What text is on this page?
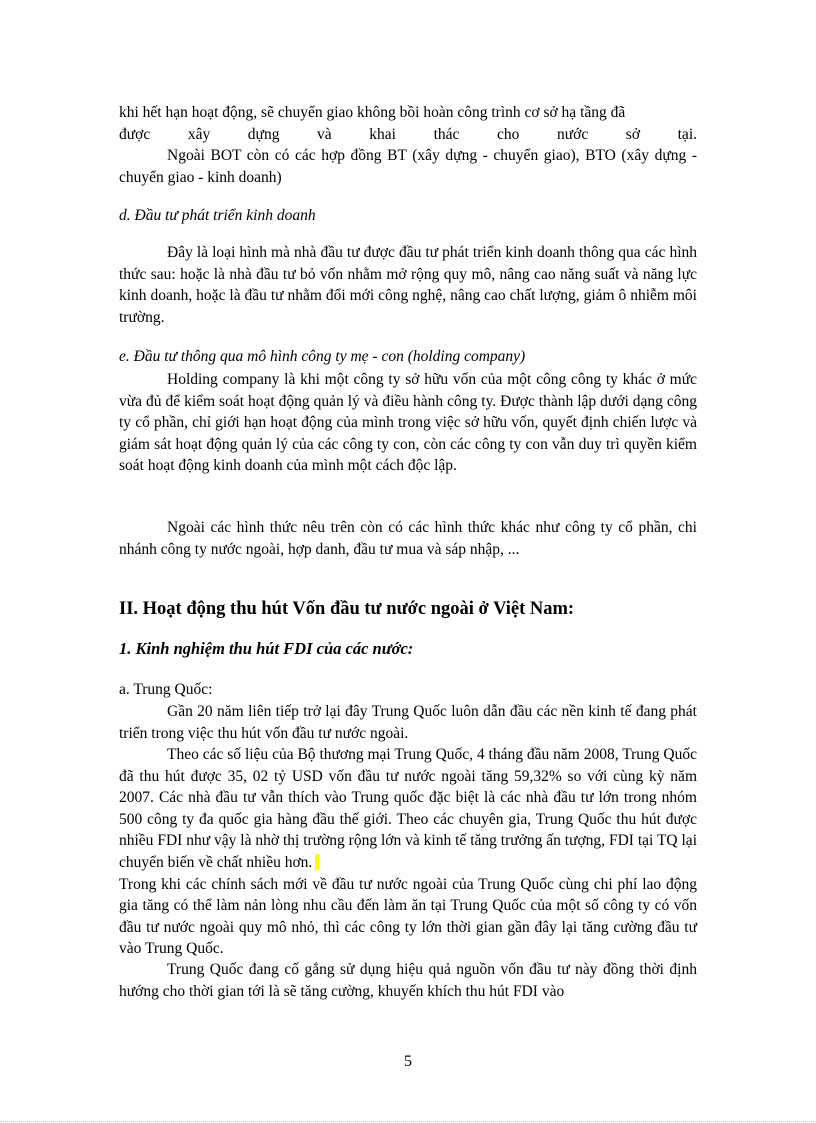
khi hết hạn hoạt động, sẽ chuyển giao không bồi hoàn công trình cơ sở hạ tầng đã

được xây dựng và khai thác cho nước sở tại.

Ngoài BOT còn có các hợp đồng BT (xây dựng - chuyển giao), BTO (xây dựng - chuyển giao - kinh doanh)

d. Đầu tư phát triển kinh doanh

Đây là loại hình mà nhà đầu tư được đầu tư phát triển kinh doanh thông qua các hình thức sau: hoặc là nhà đầu tư bỏ vốn nhằm mở rộng quy mô, nâng cao năng suất và năng lực kinh doanh, hoặc là đầu tư nhằm đổi mới công nghệ, nâng cao chất lượng, giảm ô nhiễm môi trường.

e. Đầu tư thông qua mô hình công ty mẹ - con (holding company)

Holding company là khi một công ty sở hữu vốn của một công công ty khác ở mức vừa đủ để kiểm soát hoạt động quản lý và điều hành công ty. Được thành lập dưới dạng công ty cổ phần, chỉ giới hạn hoạt động của mình trong việc sở hữu vốn, quyết định chiến lược và giám sát hoạt động quản lý của các công ty con, còn các công ty con vẫn duy trì quyền kiểm soát hoạt động kinh doanh của mình một cách độc lập.

Ngoài các hình thức nêu trên còn có các hình thức khác như công ty cổ phần, chi nhánh công ty nước ngoài, hợp danh, đầu tư mua và sáp nhập, ...

II. Hoạt động thu hút Vốn đầu tư nước ngoài ở Việt Nam:

1. Kinh nghiệm thu hút FDI của các nước:

a. Trung Quốc:

Gần 20 năm liên tiếp trở lại đây Trung Quốc luôn dẫn đầu các nền kinh tế đang phát triển trong việc thu hút vốn đầu tư nước ngoài.

Theo các số liệu của Bộ thương mại Trung Quốc, 4 tháng đầu năm 2008, Trung Quốc đã thu hút được 35, 02 tỷ USD vốn đầu tư nước ngoài tăng 59,32% so với cùng kỳ năm 2007. Các nhà đầu tư vẫn thích vào Trung quốc đặc biệt là các nhà đầu tư lớn trong nhóm 500 công ty đa quốc gia hàng đầu thế giới. Theo các chuyên gia, Trung Quốc thu hút được nhiều FDI như vậy là nhờ thị trường rộng lớn và kinh tế tăng trưởng ấn tượng, FDI tại TQ lại chuyển biến về chất nhiều hơn.

Trong khi các chính sách mới về đầu tư nước ngoài của Trung Quốc cùng chi phí lao động gia tăng có thể làm nản lòng nhu cầu đến làm ăn tại Trung Quốc của một số công ty có vốn đầu tư nước ngoài quy mô nhỏ, thì các công ty lớn thời gian gần đây lại tăng cường đầu tư vào Trung Quốc.

Trung Quốc đang cố gắng sử dụng hiệu quả nguồn vốn đầu tư này đồng thời định hướng cho thời gian tới là sẽ tăng cường, khuyến khích thu hút FDI vào

5
